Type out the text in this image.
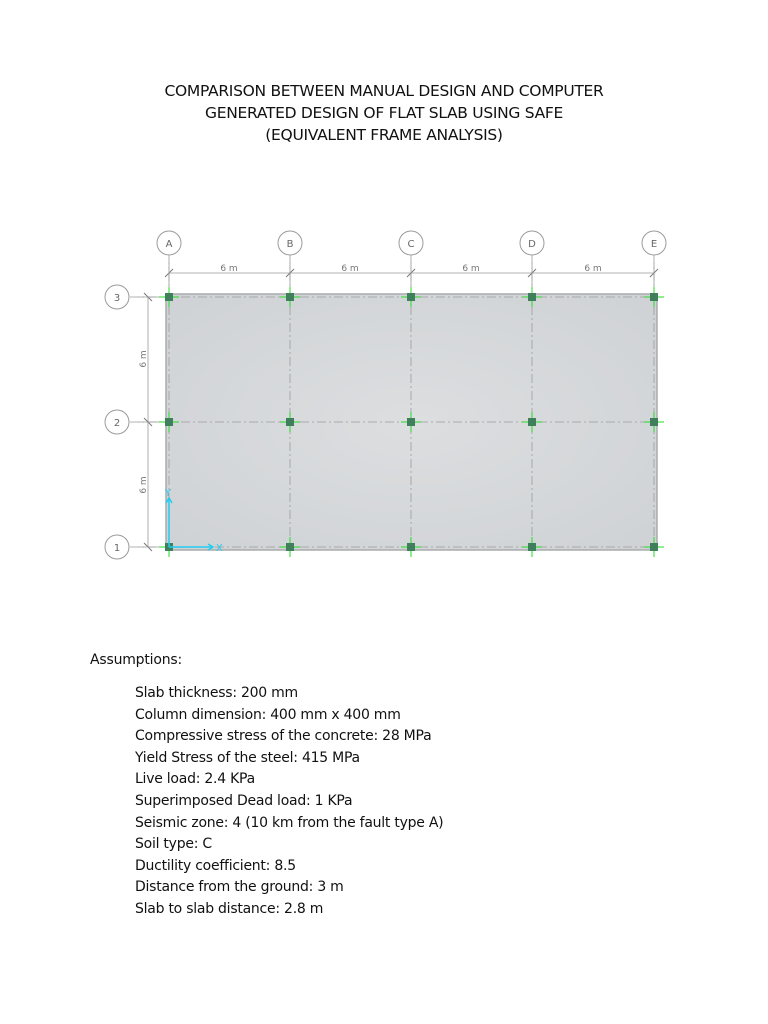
COMPARISON BETWEEN MANUAL DESIGN AND COMPUTER
GENERATED DESIGN OF FLAT SLAB USING SAFE
(EQUIVALENT FRAME ANALYSIS)
6 m	6 m	6 m	6 m
6 m
6 m
A	B	C	D	E
3
2
1	X
Y
Assumptions:
Slab thickness: 200 mm
Column dimension: 400 mm x 400 mm
Compressive stress of the concrete: 28 MPa
Yield Stress of the steel: 415 MPa
Live load: 2.4 KPa
Superimposed Dead load: 1 KPa
Seismic zone: 4 (10 km from the fault type A)
Soil type: C
Ductility coefficient: 8.5
Distance from the ground: 3 m
Slab to slab distance: 2.8 m
